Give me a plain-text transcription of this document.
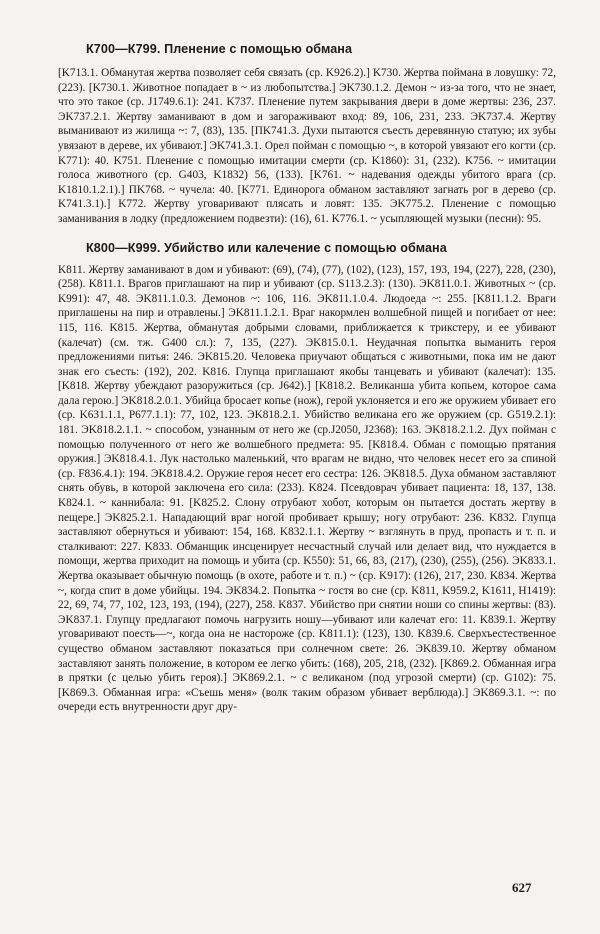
К700—К799. Пленение с помощью обмана

[K713.1. Обманутая жертва позволяет себя связать (ср. K926.2).] K730. Жертва поймана в ловушку: 72, (223). [K730.1. Животное попадает в ~ из любопытства.] ЭK730.1.2. Демон ~ из-за того, что не знает, что это такое (ср. J1749.6.1): 241. K737. Пленение путем закрывания двери в доме жертвы: 236, 237. ЭK737.2.1. Жертву заманивают в дом и загораживают вход: 89, 106, 231, 233. ЭK737.4. Жертву выманивают из жилища ~: 7, (83), 135. [ПK741.3. Духи пытаются съесть деревянную статую; их зубы увязают в дереве, их убивают.] ЭK741.3.1. Орел пойман с помощью ~, в которой увязают его когти (ср. K771): 40. K751. Пленение с помощью имитации смерти (ср. K1860): 31, (232). K756. ~ имитации голоса животного (ср. G403, K1832) 56, (133). [K761. ~ надевания одежды убитого врага (ср. K1810.1.2.1).] ПK768. ~ чучела: 40. [K771. Единорога обманом заставляют загнать рог в дерево (ср. K741.3.1).] K772. Жертву уговаривают плясать и ловят: 135. ЭK775.2. Пленение с помощью заманивания в лодку (предложением подвезти): (16), 61. K776.1. ~ усыпляющей музыки (песни): 95.

К800—К999. Убийство или калечение с помощью обмана

K811. Жертву заманивают в дом и убивают: (69), (74), (77), (102), (123), 157, 193, 194, (227), 228, (230), (258). K811.1. Врагов приглашают на пир и убивают (ср. S113.2.3): (130). ЭK811.0.1. Животных ~ (ср. K991): 47, 48. ЭK811.1.0.3. Демонов ~: 106, 116. ЭK811.1.0.4. Людоеда ~: 255. [K811.1.2. Враги приглашены на пир и отравлены.] ЭK811.1.2.1. Враг накормлен волшебной пищей и погибает от нее: 115, 116. K815. Жертва, обманутая добрыми словами, приближается к трикстеру, и ее убивают (калечат) (см. тж. G400 сл.): 7, 135, (227). ЭK815.0.1. Неудачная попытка выманить героя предложениями питья: 246. ЭK815.20. Человека приучают общаться с животными, пока им не дают знак его съесть: (192), 202. K816. Глупца приглашают якобы танцевать и убивают (калечат): 135. [K818. Жертву убеждают разоружиться (ср. J642).] [K818.2. Великанша убита копьем, которое сама дала герою.] ЭK818.2.0.1. Убийца бросает копье (нож), герой уклоняется и его же оружием убивает его (ср. K631.1.1, P677.1.1): 77, 102, 123. ЭK818.2.1. Убийство великана его же оружием (ср. G519.2.1): 181. ЭK818.2.1.1. ~ способом, узнанным от него же (ср.J2050, J2368): 163. ЭK818.2.1.2. Дух пойман с помощью полученного от него же волшебного предмета: 95. [K818.4. Обман с помощью прятания оружия.] ЭK818.4.1. Лук настолько маленький, что врагам не видно, что человек несет его за спиной (ср. F836.4.1): 194. ЭK818.4.2. Оружие героя несет его сестра: 126. ЭK818.5. Духа обманом заставляют снять обувь, в которой заключена его сила: (233). K824. Псевдоврач убивает пациента: 18, 137, 138. K824.1. ~ каннибала: 91. [K825.2. Слону отрубают хобот, которым он пытается достать жертву в пещере.] ЭK825.2.1. Нападающий враг ногой пробивает крышу; ногу отрубают: 236. K832. Глупца заставляют обернуться и убивают: 154, 168. K832.1.1. Жертву ~ взглянуть в пруд, пропасть и т. п. и сталкивают: 227. K833. Обманщик инсценирует несчастный случай или делает вид, что нуждается в помощи, жертва приходит на помощь и убита (ср. K550): 51, 66, 83, (217), (230), (255), (256). ЭK833.1. Жертва оказывает обычную помощь (в охоте, работе и т. п.) ~ (ср. K917): (126), 217, 230. K834. Жертва ~, когда спит в доме убийцы. 194. ЭK834.2. Попытка ~ гостя во сне (ср. K811, K959.2, K1611, H1419): 22, 69, 74, 77, 102, 123, 193, (194), (227), 258. K837. Убийство при снятии ноши со спины жертвы: (83). ЭK837.1. Глупцу предлагают помочь нагрузить ношу—убивают или калечат его: 11. K839.1. Жертву уговаривают поесть—~, когда она не настороже (ср. K811.1): (123), 130. K839.6. Сверхъестественное существо обманом заставляют показаться при солнечном свете: 26. ЭK839.10. Жертву обманом заставляют занять положение, в котором ее легко убить: (168), 205, 218, (232). [K869.2. Обманная игра в прятки (с целью убить героя).] ЭK869.2.1. ~ с великаном (под угрозой смерти) (ср. G102): 75. [K869.3. Обманная игра: «Съешь меня» (волк таким образом убивает верблюда).] ЭK869.3.1. ~: по очереди есть внутренности друг дру-

627
